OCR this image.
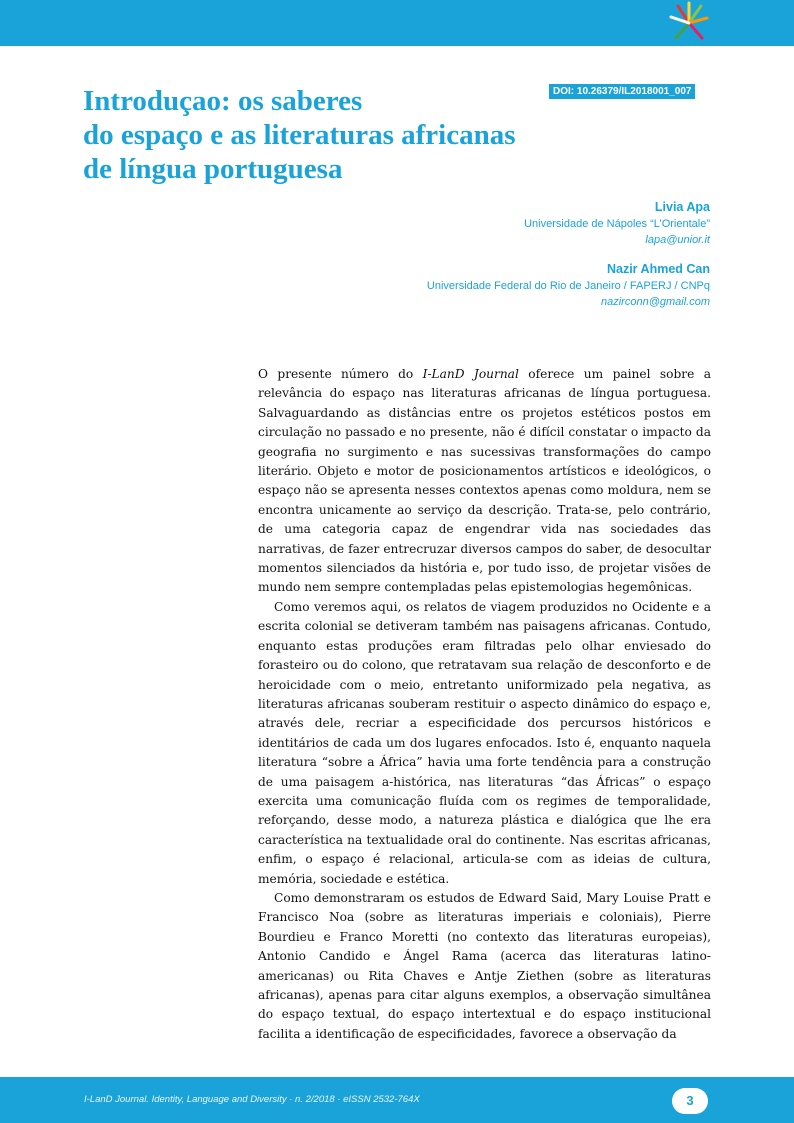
DOI: 10.26379/IL2018001_007
Introduçao: os saberes
do espaço e as literaturas africanas
de língua portuguesa
Livia Apa
Universidade de Nápoles “L’Orientale”
lapa@unior.it
Nazir Ahmed Can
Universidade Federal do Rio de Janeiro / FAPERJ / CNPq
nazirconn@gmail.com

O presente número do I-LanD Journal oferece um painel sobre a relevância do espaço nas literaturas africanas de língua portuguesa. Salvaguardando as distâncias entre os projetos estéticos postos em circulação no passado e no presente, não é difícil constatar o impacto da geografia no surgimento e nas sucessivas transformações do campo literário. Objeto e motor de posicionamentos artísticos e ideológicos, o espaço não se apresenta nesses contextos apenas como moldura, nem se encontra unicamente ao serviço da descrição. Trata-se, pelo contrário, de uma categoria capaz de engendrar vida nas sociedades das narrativas, de fazer entrecruzar diversos campos do saber, de desocultar momentos silenciados da história e, por tudo isso, de projetar visões de mundo nem sempre contempladas pelas epistemologias hegemônicas.

Como veremos aqui, os relatos de viagem produzidos no Ocidente e a escrita colonial se detiveram também nas paisagens africanas. Contudo, enquanto estas produções eram filtradas pelo olhar enviesado do forasteiro ou do colono, que retratavam sua relação de desconforto e de heroicidade com o meio, entretanto uniformizado pela negativa, as literaturas africanas souberam restituir o aspecto dinâmico do espaço e, através dele, recriar a especificidade dos percursos históricos e identitários de cada um dos lugares enfocados. Isto é, enquanto naquela literatura “sobre a África” havia uma forte tendência para a construção de uma paisagem a-histórica, nas literaturas “das Áfricas” o espaço exercita uma comunicação fluída com os regimes de temporalidade, reforçando, desse modo, a natureza plástica e dialógica que lhe era característica na textualidade oral do continente. Nas escritas africanas, enfim, o espaço é relacional, articula-se com as ideias de cultura, memória, sociedade e estética.

Como demonstraram os estudos de Edward Said, Mary Louise Pratt e Francisco Noa (sobre as literaturas imperiais e coloniais), Pierre Bourdieu e Franco Moretti (no contexto das literaturas europeias), Antonio Candido e Ángel Rama (acerca das literaturas latino-americanas) ou Rita Chaves e Antje Ziethen (sobre as literaturas africanas), apenas para citar alguns exemplos, a observação simultânea do espaço textual, do espaço intertextual e do espaço institucional facilita a identificação de especificidades, favorece a observação da

I-LanD Journal. Identity, Language and Diversity · n. 2/2018 · eISSN 2532-764X	3
